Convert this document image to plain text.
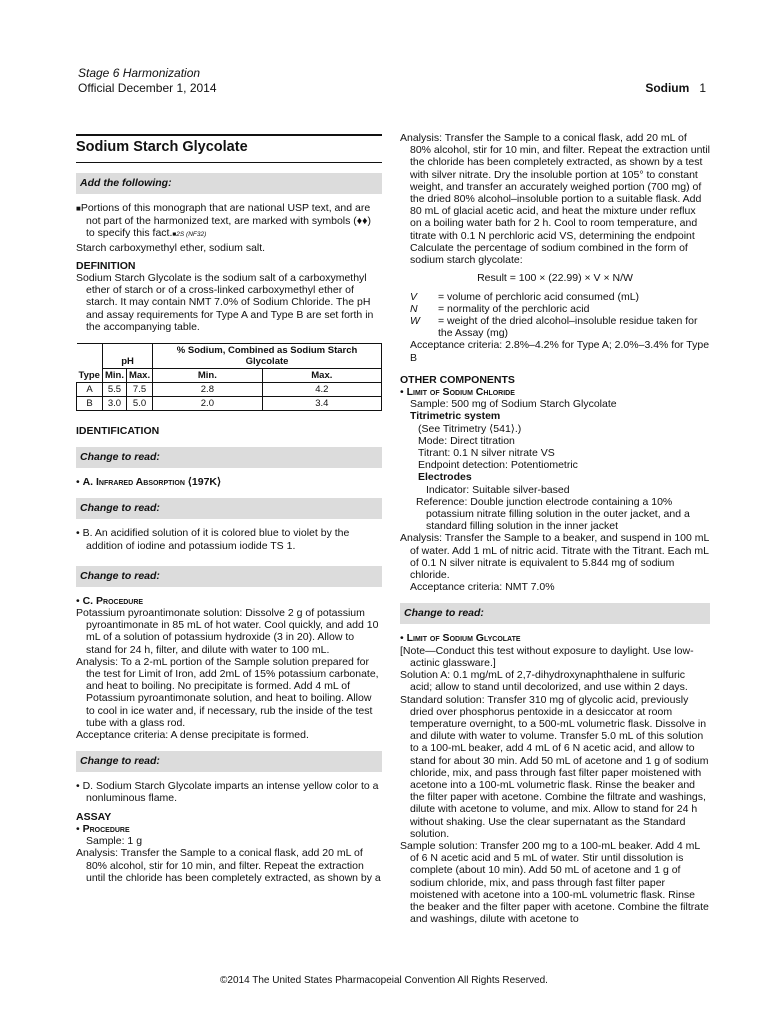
Stage 6 Harmonization
Official December 1, 2014	Sodium 1
Sodium Starch Glycolate
Add the following:

■Portions of this monograph that are national USP text, and are not part of the harmonized text, are marked with symbols (♦♦) to specify this fact.■2S (NF32)

Starch carboxymethyl ether, sodium salt.

DEFINITION

Sodium Starch Glycolate is the sodium salt of a carboxymethyl ether of starch or of a cross-linked carboxymethyl ether of starch. It may contain NMT 7.0% of Sodium Chloride. The pH and assay requirements for Type A and Type B are set forth in the accompanying table.

Type	pH		% Sodium, Combined as Sodium Starch Glycolate	
	Min.	Max.	Min.	Max.
A	5.5	7.5	2.8	4.2
B	3.0	5.0	2.0	3.4

IDENTIFICATION

Change to read:

• A. Infrared Absorption ⟨197K⟩

Change to read:

• B. An acidified solution of it is colored blue to violet by the addition of iodine and potassium iodide TS 1.

Change to read:

• C. Procedure

Potassium pyroantimonate solution: Dissolve 2 g of potassium pyroantimonate in 85 mL of hot water. Cool quickly, and add 10 mL of a solution of potassium hydroxide (3 in 20). Allow to stand for 24 h, filter, and dilute with water to 100 mL.

Analysis: To a 2-mL portion of the Sample solution prepared for the test for Limit of Iron, add 2mL of 15% potassium carbonate, and heat to boiling. No precipitate is formed. Add 4 mL of Potassium pyroantimonate solution, and heat to boiling. Allow to cool in ice water and, if necessary, rub the inside of the test tube with a glass rod.

Acceptance criteria: A dense precipitate is formed.

Change to read:

• D. Sodium Starch Glycolate imparts an intense yellow color to a nonluminous flame.

ASSAY

• Procedure

Sample: 1 g

Analysis: Transfer the Sample to a conical flask, add 20 mL of 80% alcohol, stir for 10 min, and filter. Repeat the extraction until the chloride has been completely extracted, as shown by a

Analysis: Transfer the Sample to a conical flask, add 20 mL of 80% alcohol, stir for 10 min, and filter. Repeat the extraction until the chloride has been completely extracted, as shown by a test with silver nitrate. Dry the insoluble portion at 105° to constant weight, and transfer an accurately weighed portion (700 mg) of the dried 80% alcohol–insoluble portion to a suitable flask. Add 80 mL of glacial acetic acid, and heat the mixture under reflux on a boiling water bath for 2 h. Cool to room temperature, and titrate with 0.1 N perchloric acid VS, determining the endpoint

Calculate the percentage of sodium combined in the form of sodium starch glycolate:

Result = 100 × (22.99) × V × N/W

V	= volume of perchloric acid consumed (mL)
N	= normality of the perchloric acid
W	= weight of the dried alcohol–insoluble residue taken for the Assay (mg)

Acceptance criteria: 2.8%–4.2% for Type A; 2.0%–3.4% for Type B

OTHER COMPONENTS

• Limit of Sodium Chloride

Sample: 500 mg of Sodium Starch Glycolate

Titrimetric system

(See Titrimetry ⟨541⟩.)

Mode: Direct titration

Titrant: 0.1 N silver nitrate VS

Endpoint detection: Potentiometric

Electrodes

Indicator: Suitable silver-based

Reference: Double junction electrode containing a 10% potassium nitrate filling solution in the outer jacket, and a standard filling solution in the inner jacket

Analysis: Transfer the Sample to a beaker, and suspend in 100 mL of water. Add 1 mL of nitric acid. Titrate with the Titrant. Each mL of 0.1 N silver nitrate is equivalent to 5.844 mg of sodium chloride.

Acceptance criteria: NMT 7.0%

Change to read:

• Limit of Sodium Glycolate

[Note—Conduct this test without exposure to daylight. Use low-actinic glassware.]

Solution A: 0.1 mg/mL of 2,7-dihydroxynaphthalene in sulfuric acid; allow to stand until decolorized, and use within 2 days.

Standard solution: Transfer 310 mg of glycolic acid, previously dried over phosphorus pentoxide in a desiccator at room temperature overnight, to a 500-mL volumetric flask. Dissolve in and dilute with water to volume. Transfer 5.0 mL of this solution to a 100-mL beaker, add 4 mL of 6 N acetic acid, and allow to stand for about 30 min. Add 50 mL of acetone and 1 g of sodium chloride, mix, and pass through fast filter paper moistened with acetone into a 100-mL volumetric flask. Rinse the beaker and the filter paper with acetone. Combine the filtrate and washings, dilute with acetone to volume, and mix. Allow to stand for 24 h without shaking. Use the clear supernatant as the Standard solution.

Sample solution: Transfer 200 mg to a 100-mL beaker. Add 4 mL of 6 N acetic acid and 5 mL of water. Stir until dissolution is complete (about 10 min). Add 50 mL of acetone and 1 g of sodium chloride, mix, and pass through fast filter paper moistened with acetone into a 100-mL volumetric flask. Rinse the beaker and the filter paper with acetone. Combine the filtrate and washings, dilute with acetone to

©2014 The United States Pharmacopeial Convention All Rights Reserved.
